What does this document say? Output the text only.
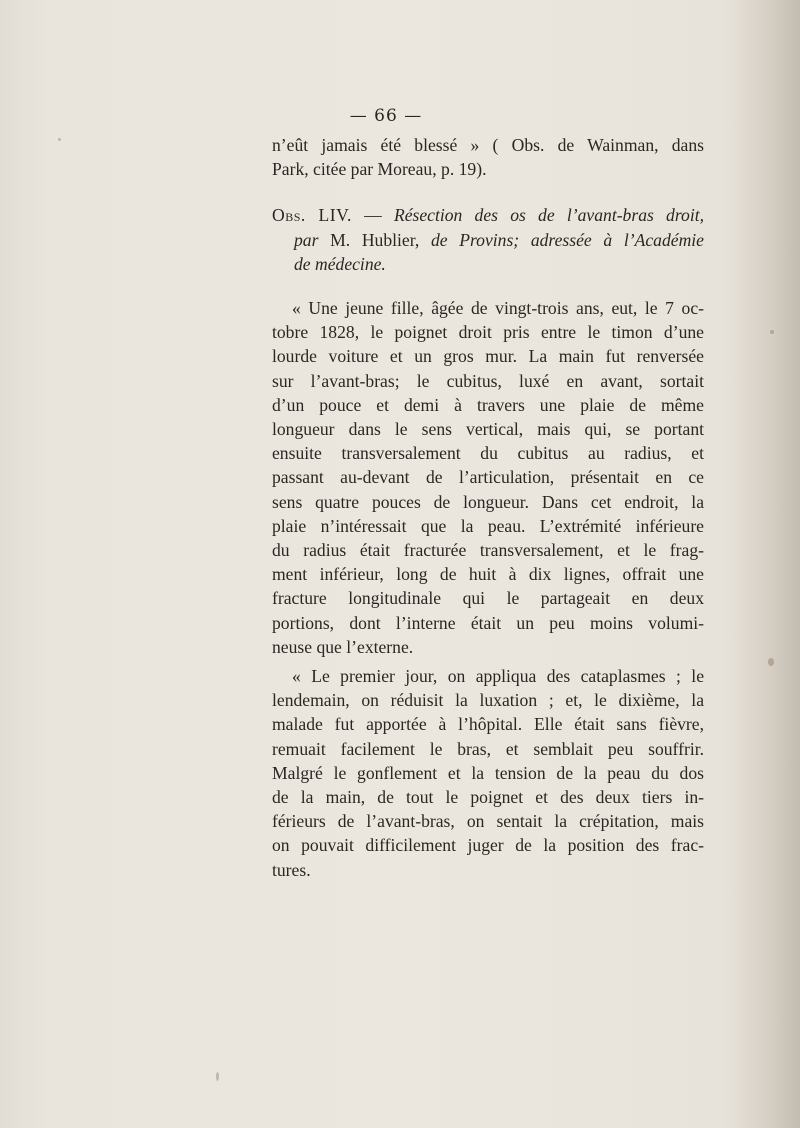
— 66 —
n’eût jamais été blessé » ( Obs. de Wainman, dans
Park, citée par Moreau, p. 19).
Obs. LIV. — Résection des os de l’avant-bras droit,
par M. Hublier, de Provins; adressée à l’Académie
de médecine.
« Une jeune fille, âgée de vingt-trois ans, eut, le 7 oc-
tobre 1828, le poignet droit pris entre le timon d’une
lourde voiture et un gros mur. La main fut renversée
sur l’avant-bras; le cubitus, luxé en avant, sortait
d’un pouce et demi à travers une plaie de même
longueur dans le sens vertical, mais qui, se portant
ensuite transversalement du cubitus au radius, et
passant au-devant de l’articulation, présentait en ce
sens quatre pouces de longueur. Dans cet endroit, la
plaie n’intéressait que la peau. L’extrémité inférieure
du radius était fracturée transversalement, et le frag-
ment inférieur, long de huit à dix lignes, offrait une
fracture longitudinale qui le partageait en deux
portions, dont l’interne était un peu moins volumi-
neuse que l’externe.
« Le premier jour, on appliqua des cataplasmes ; le
lendemain, on réduisit la luxation ; et, le dixième, la
malade fut apportée à l’hôpital. Elle était sans fièvre,
remuait facilement le bras, et semblait peu souffrir.
Malgré le gonflement et la tension de la peau du dos
de la main, de tout le poignet et des deux tiers in-
férieurs de l’avant-bras, on sentait la crépitation, mais
on pouvait difficilement juger de la position des frac-
tures.
